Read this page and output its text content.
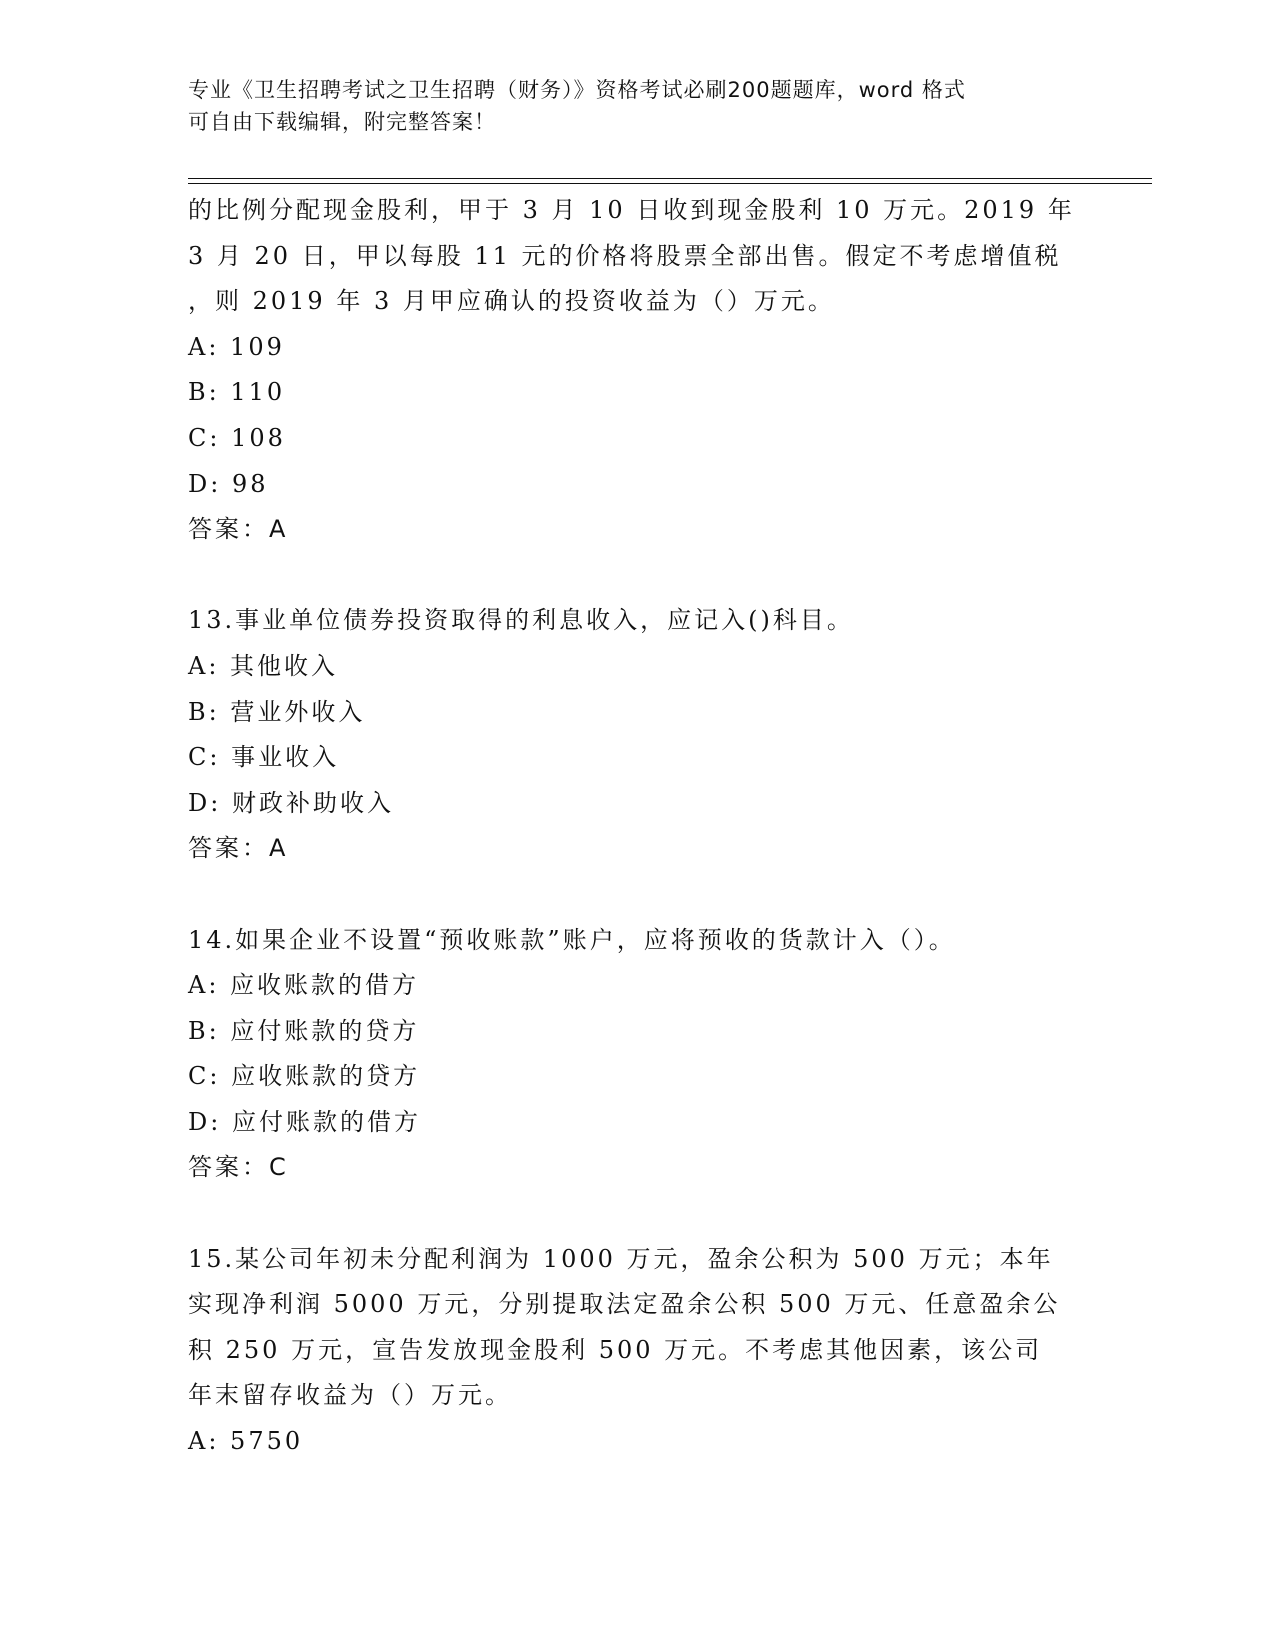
专业《卫生招聘考试之卫生招聘（财务）》资格考试必刷200题题库，word 格式
可自由下载编辑，附完整答案！
的比例分配现金股利，甲于 3 月 10 日收到现金股利 10 万元。2019 年
3 月 20 日，甲以每股 11 元的价格将股票全部出售。假定不考虑增值税
，则 2019 年 3 月甲应确认的投资收益为（）万元。
A: 109
B: 110
C: 108
D: 98
答案：A
13.事业单位债券投资取得的利息收入，应记入()科目。
A: 其他收入
B: 营业外收入
C: 事业收入
D: 财政补助收入
答案：A
14.如果企业不设置“预收账款”账户，应将预收的货款计入（）。
A: 应收账款的借方
B: 应付账款的贷方
C: 应收账款的贷方
D: 应付账款的借方
答案：C
15.某公司年初未分配利润为 1000 万元，盈余公积为 500 万元；本年
实现净利润 5000 万元，分别提取法定盈余公积 500 万元、任意盈余公
积 250 万元，宣告发放现金股利 500 万元。不考虑其他因素，该公司
年末留存收益为（）万元。
A: 5750
